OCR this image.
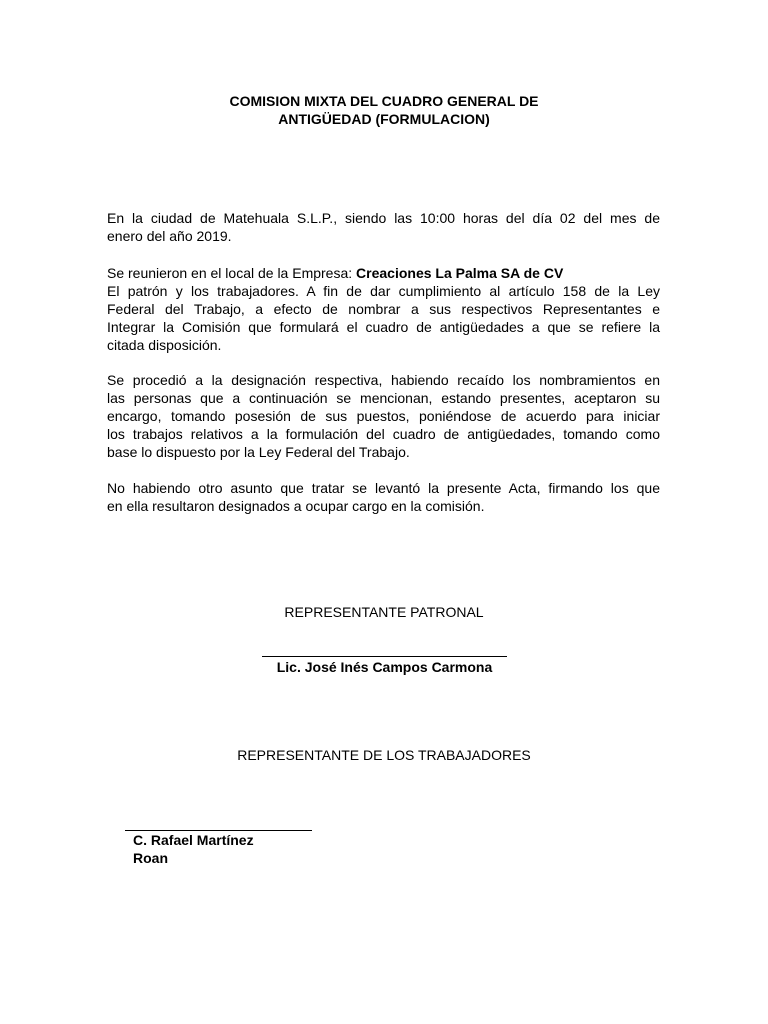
COMISION MIXTA DEL CUADRO GENERAL DE
ANTIGÜEDAD (FORMULACION)
En la ciudad de Matehuala S.L.P., siendo las 10:00 horas del día 02 del mes de
enero del año 2019.
Se reunieron en el local de la Empresa: Creaciones La Palma SA de CV
El patrón y los trabajadores. A fin de dar cumplimiento al artículo 158 de la Ley
Federal del Trabajo, a efecto de nombrar a sus respectivos Representantes e
Integrar la Comisión que formulará el cuadro de antigüedades a que se refiere la
citada disposición.
Se procedió a la designación respectiva, habiendo recaído los nombramientos en
las personas que a continuación se mencionan, estando presentes, aceptaron su
encargo, tomando posesión de sus puestos, poniéndose de acuerdo para iniciar
los trabajos relativos a la formulación del cuadro de antigüedades, tomando como
base lo dispuesto por la Ley Federal del Trabajo.
No habiendo otro asunto que tratar se levantó la presente Acta, firmando los que
en ella resultaron designados a ocupar cargo en la comisión.
REPRESENTANTE PATRONAL
Lic. José Inés Campos Carmona
REPRESENTANTE DE LOS TRABAJADORES
C. Rafael Martínez
Roan
